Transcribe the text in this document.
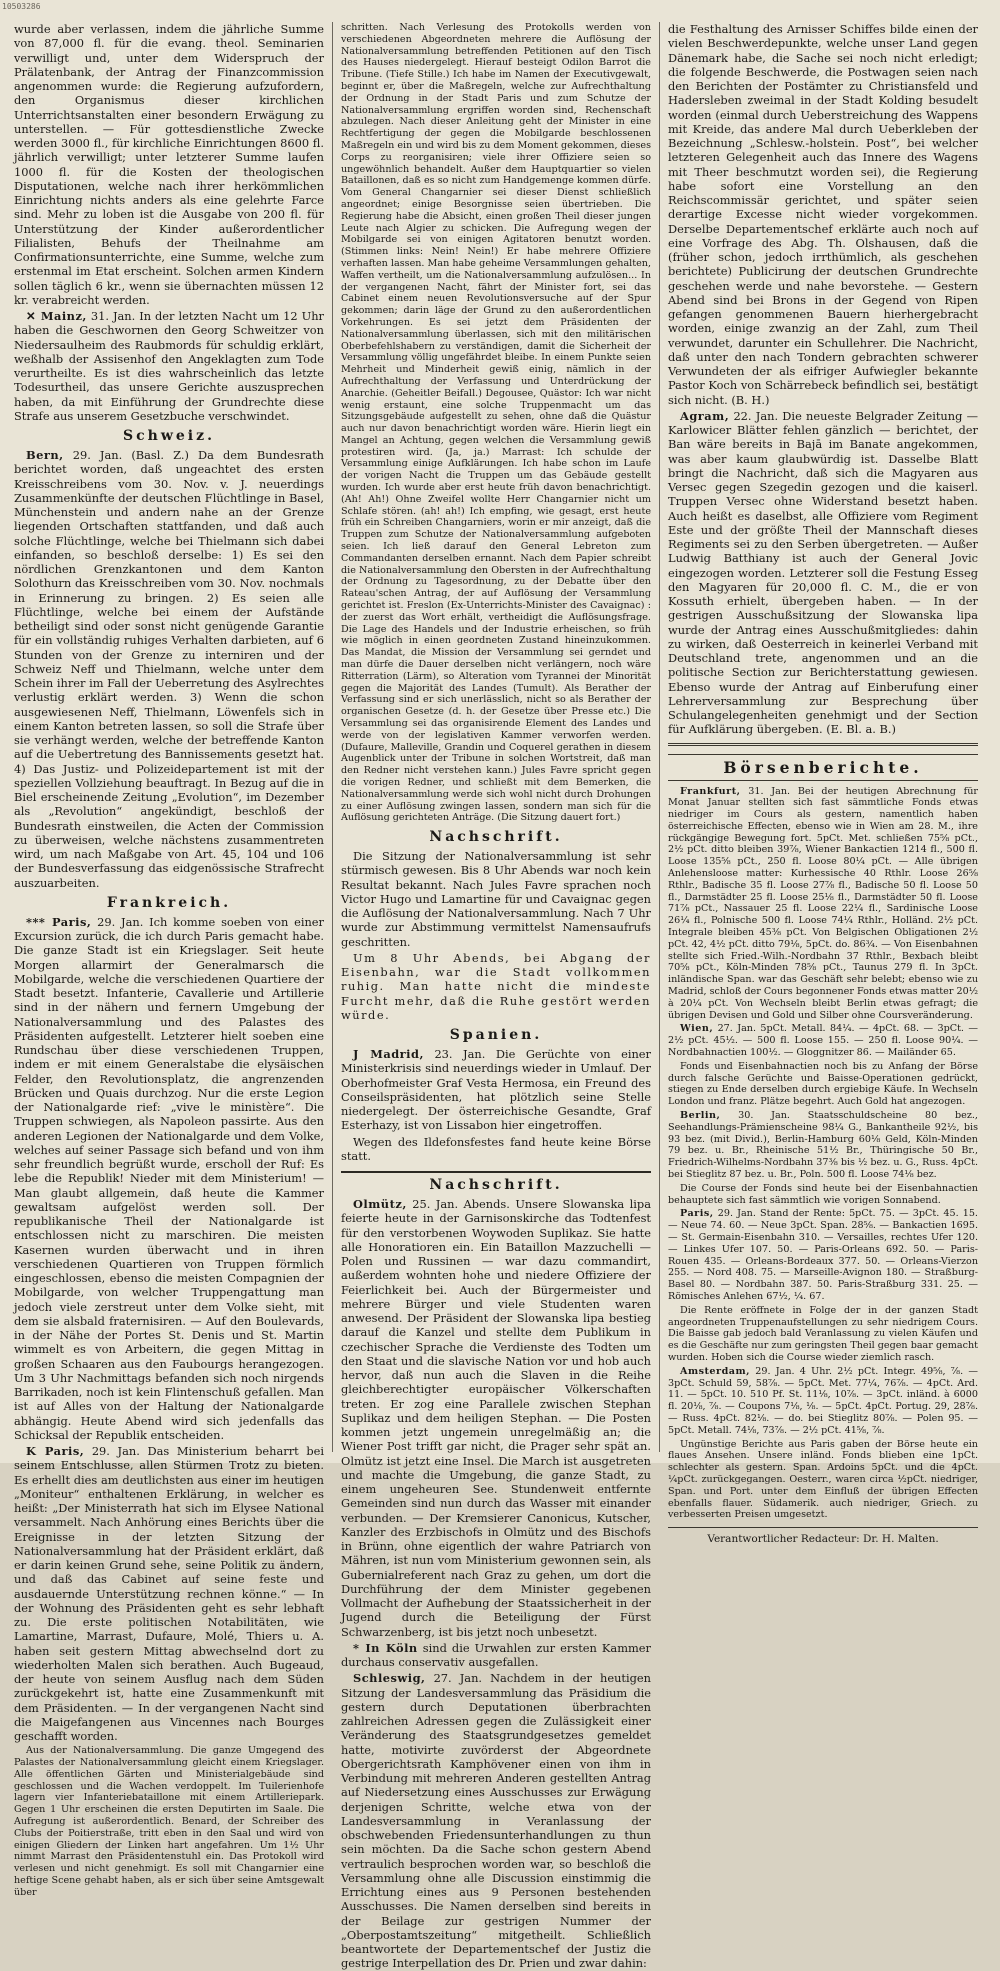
10503286

wurde aber verlassen, indem die jährliche Summe von 87,000 fl. für die evang. theol. Seminarien verwilligt und, unter dem Widerspruch der Prälatenbank, der Antrag der Finanzcommission angenommen wurde: die Regierung aufzufordern, den Organismus dieser kirchlichen Unterrichtsanstalten einer besondern Erwägung zu unterstellen. — Für gottesdienstliche Zwecke werden 3000 fl., für kirchliche Einrichtungen 8600 fl. jährlich verwilligt; unter letzterer Summe laufen 1000 fl. für die Kosten der theologischen Disputationen, welche nach ihrer herkömmlichen Einrichtung nichts anders als eine gelehrte Farce sind. Mehr zu loben ist die Ausgabe von 200 fl. für Unterstützung der Kinder außerordentlicher Filialisten, Behufs der Theilnahme am Confirmationsunterrichte, eine Summe, welche zum erstenmal im Etat erscheint. Solchen armen Kindern sollen täglich 6 kr., wenn sie übernachten müssen 12 kr. verabreicht werden.

✕ Mainz, 31. Jan. In der letzten Nacht um 12 Uhr haben die Geschwornen den Georg Schweitzer von Niedersaulheim des Raubmords für schuldig erklärt, weßhalb der Assisenhof den Angeklagten zum Tode verurtheilte. Es ist dies wahrscheinlich das letzte Todesurtheil, das unsere Gerichte auszusprechen haben, da mit Einführung der Grundrechte diese Strafe aus unserem Gesetzbuche verschwindet.

Schweiz.

Bern, 29. Jan. (Basl. Z.) Da dem Bundesrath berichtet worden, daß ungeachtet des ersten Kreisschreibens vom 30. Nov. v. J. neuerdings Zusammenkünfte der deutschen Flüchtlinge in Basel, Münchenstein und andern nahe an der Grenze liegenden Ortschaften stattfanden, und daß auch solche Flüchtlinge, welche bei Thielmann sich dabei einfanden, so beschloß derselbe: 1) Es sei den nördlichen Grenzkantonen und dem Kanton Solothurn das Kreisschreiben vom 30. Nov. nochmals in Erinnerung zu bringen. 2) Es seien alle Flüchtlinge, welche bei einem der Aufstände betheiligt sind oder sonst nicht genügende Garantie für ein vollständig ruhiges Verhalten darbieten, auf 6 Stunden von der Grenze zu interniren und der Schweiz Neff und Thielmann, welche unter dem Schein ihrer im Fall der Ueberretung des Asylrechtes verlustig erklärt werden. 3) Wenn die schon ausgewiesenen Neff, Thielmann, Löwenfels sich in einem Kanton betreten lassen, so soll die Strafe über sie verhängt werden, welche der betreffende Kanton auf die Uebertretung des Bannissements gesetzt hat. 4) Das Justiz- und Polizeidepartement ist mit der speziellen Vollziehung beauftragt. In Bezug auf die in Biel erscheinende Zeitung „Evolution“, im Dezember als „Revolution“ angekündigt, beschloß der Bundesrath einstweilen, die Acten der Commission zu überweisen, welche nächstens zusammentreten wird, um nach Maßgabe von Art. 45, 104 und 106 der Bundesverfassung das eidgenössische Strafrecht auszuarbeiten.

Frankreich.

*** Paris, 29. Jan. Ich komme soeben von einer Excursion zurück, die ich durch Paris gemacht habe. Die ganze Stadt ist ein Kriegslager. Seit heute Morgen allarmirt der Generalmarsch die Mobilgarde, welche die verschiedenen Quartiere der Stadt besetzt. Infanterie, Cavallerie und Artillerie sind in der nähern und fernern Umgebung der Nationalversammlung und des Palastes des Präsidenten aufgestellt. Letzterer hielt soeben eine Rundschau über diese verschiedenen Truppen, indem er mit einem Generalstabe die elysäischen Felder, den Revolutionsplatz, die angrenzenden Brücken und Quais durchzog. Nur die erste Legion der Nationalgarde rief: „vive le ministère“. Die Truppen schwiegen, als Napoleon passirte. Aus den anderen Legionen der Nationalgarde und dem Volke, welches auf seiner Passage sich befand und von ihm sehr freundlich begrüßt wurde, erscholl der Ruf: Es lebe die Republik! Nieder mit dem Ministerium! — Man glaubt allgemein, daß heute die Kammer gewaltsam aufgelöst werden soll. Der republikanische Theil der Nationalgarde ist entschlossen nicht zu marschiren. Die meisten Kasernen wurden überwacht und in ihren verschiedenen Quartieren von Truppen förmlich eingeschlossen, ebenso die meisten Compagnien der Mobilgarde, von welcher Truppengattung man jedoch viele zerstreut unter dem Volke sieht, mit dem sie alsbald fraternisiren. — Auf den Boulevards, in der Nähe der Portes St. Denis und St. Martin wimmelt es von Arbeitern, die gegen Mittag in großen Schaaren aus den Faubourgs herangezogen. Um 3 Uhr Nachmittags befanden sich noch nirgends Barrikaden, noch ist kein Flintenschuß gefallen. Man ist auf Alles von der Haltung der Nationalgarde abhängig. Heute Abend wird sich jedenfalls das Schicksal der Republik entscheiden.

K Paris, 29. Jan. Das Ministerium beharrt bei seinem Entschlusse, allen Stürmen Trotz zu bieten. Es erhellt dies am deutlichsten aus einer im heutigen „Moniteur“ enthaltenen Erklärung, in welcher es heißt: „Der Ministerrath hat sich im Elysee National versammelt. Nach Anhörung eines Berichts über die Ereignisse in der letzten Sitzung der Nationalversammlung hat der Präsident erklärt, daß er darin keinen Grund sehe, seine Politik zu ändern, und daß das Cabinet auf seine feste und ausdauernde Unterstützung rechnen könne.“ — In der Wohnung des Präsidenten geht es sehr lebhaft zu. Die erste politischen Notabilitäten, wie Lamartine, Marrast, Dufaure, Molé, Thiers u. A. haben seit gestern Mittag abwechselnd dort zu wiederholten Malen sich berathen. Auch Bugeaud, der heute von seinem Ausflug nach dem Süden zurückgekehrt ist, hatte eine Zusammenkunft mit dem Präsidenten. — In der vergangenen Nacht sind die Maigefangenen aus Vincennes nach Bourges geschafft worden.

Aus der Nationalversammlung. Die ganze Umgegend des Palastes der Nationalversammlung gleicht einem Kriegslager. Alle öffentlichen Gärten und Ministerialgebäude sind geschlossen und die Wachen verdoppelt. Im Tuilerienhofe lagern vier Infanteriebataillone mit einem Artilleriepark. Gegen 1 Uhr erscheinen die ersten Deputirten im Saale. Die Aufregung ist außerordentlich. Benard, der Schreiber des Clubs der Poitierstraße, tritt eben in den Saal und wird von einigen Gliedern der Linken hart angefahren. Um 1½ Uhr nimmt Marrast den Präsidentenstuhl ein. Das Protokoll wird verlesen und nicht genehmigt. Es soll mit Changarnier eine heftige Scene gehabt haben, als er sich über seine Amtsgewalt über

schritten. Nach Verlesung des Protokolls werden von verschiedenen Abgeordneten mehrere die Auflösung der Nationalversammlung betreffenden Petitionen auf den Tisch des Hauses niedergelegt. Hierauf besteigt Odilon Barrot die Tribune. (Tiefe Stille.) Ich habe im Namen der Executivgewalt, beginnt er, über die Maßregeln, welche zur Aufrechthaltung der Ordnung in der Stadt Paris und zum Schutze der Nationalversammlung ergriffen worden sind, Rechenschaft abzulegen. Nach dieser Anleitung geht der Minister in eine Rechtfertigung der gegen die Mobilgarde beschlossenen Maßregeln ein und wird bis zu dem Moment gekommen, dieses Corps zu reorganisiren; viele ihrer Offiziere seien so ungewöhnlich behandelt. Außer dem Hauptquartier so vielen Bataillonen, daß es so nicht zum Handgemenge kommen dürfe. Vom General Changarnier sei dieser Dienst schließlich angeordnet; einige Besorgnisse seien übertrieben. Die Regierung habe die Absicht, einen großen Theil dieser jungen Leute nach Algier zu schicken. Die Aufregung wegen der Mobilgarde sei von einigen Agitatoren benutzt worden. (Stimmen links: Nein! Nein!) Er habe mehrere Offiziere verhaften lassen. Man habe geheime Versammlungen gehalten, Waffen vertheilt, um die Nationalversammlung aufzulösen... In der vergangenen Nacht, fährt der Minister fort, sei das Cabinet einem neuen Revolutionsversuche auf der Spur gekommen; darin läge der Grund zu den außerordentlichen Vorkehrungen. Es sei jetzt dem Präsidenten der Nationalversammlung überlassen, sich mit den militärischen Oberbefehlshabern zu verständigen, damit die Sicherheit der Versammlung völlig ungefährdet bleibe. In einem Punkte seien Mehrheit und Minderheit gewiß einig, nämlich in der Aufrechthaltung der Verfassung und Unterdrückung der Anarchie. (Geheitler Beifall.) Degousee, Quästor: Ich war nicht wenig erstaunt, eine solche Truppenmacht um das Sitzungsgebäude aufgestellt zu sehen, ohne daß die Quästur auch nur davon benachrichtigt worden wäre. Hierin liegt ein Mangel an Achtung, gegen welchen die Versammlung gewiß protestiren wird. (Ja, ja.) Marrast: Ich schulde der Versammlung einige Aufklärungen. Ich habe schon im Laufe der vorigen Nacht die Truppen um das Gebäude gestellt wurden. Ich wurde aber erst heute früh davon benachrichtigt. (Ah! Ah!) Ohne Zweifel wollte Herr Changarnier nicht um Schlafe stören. (ah! ah!) Ich empfing, wie gesagt, erst heute früh ein Schreiben Changarniers, worin er mir anzeigt, daß die Truppen zum Schutze der Nationalversammlung aufgeboten seien. Ich ließ darauf den General Lebreton zum Commandanten derselben ernannt. Nach dem Papier schreibt die Nationalversammlung den Obersten in der Aufrechthaltung der Ordnung zu Tagesordnung, zu der Debatte über den Rateau'schen Antrag, der auf Auflösung der Versammlung gerichtet ist. Freslon (Ex-Unterrichts-Minister des Cavaignac) : der zuerst das Wort erhält, vertheidigt die Auflösungsfrage. Die Lage des Handels und der Industrie erheischen, so früh wie möglich in einen geordneten Zustand hineinzukommen. Das Mandat, die Mission der Versammlung sei gerndet und man dürfe die Dauer derselben nicht verlängern, noch wäre Ritterration (Lärm), so Alteration vom Tyrannei der Minorität gegen die Majorität des Landes (Tumult). Als Berather der Verfassung sind er sich unerlässlich, nicht so als Berather der organischen Gesetze (d. h. der Gesetze über Presse etc.) Die Versammlung sei das organisirende Element des Landes und werde von der legislativen Kammer verworfen werden. (Dufaure, Malleville, Grandin und Coquerel gerathen in diesem Augenblick unter der Tribune in solchen Wortstreit, daß man den Redner nicht verstehen kann.) Jules Favre spricht gegen die vorigen Redner, und schließt mit dem Bemerken, die Nationalversammlung werde sich wohl nicht durch Drohungen zu einer Auflösung zwingen lassen, sondern man sich für die Auflösung gerichteten Anträge. (Die Sitzung dauert fort.)

Nachschrift.

Die Sitzung der Nationalversammlung ist sehr stürmisch gewesen. Bis 8 Uhr Abends war noch kein Resultat bekannt. Nach Jules Favre sprachen noch Victor Hugo und Lamartine für und Cavaignac gegen die Auflösung der Nationalversammlung. Nach 7 Uhr wurde zur Abstimmung vermittelst Namensaufrufs geschritten.

Um 8 Uhr Abends, bei Abgang der Eisenbahn, war die Stadt vollkommen ruhig. Man hatte nicht die mindeste Furcht mehr, daß die Ruhe gestört werden würde.

Spanien.

J Madrid, 23. Jan. Die Gerüchte von einer Ministerkrisis sind neuerdings wieder in Umlauf. Der Oberhofmeister Graf Vesta Hermosa, ein Freund des Conseilspräsidenten, hat plötzlich seine Stelle niedergelegt. Der österreichische Gesandte, Graf Esterhazy, ist von Lissabon hier eingetroffen.

Wegen des Ildefonsfestes fand heute keine Börse statt.

Nachschrift.

Olmütz, 25. Jan. Abends. Unsere Slowanska lipa feierte heute in der Garnisonskirche das Todtenfest für den verstorbenen Woywoden Suplikaz. Sie hatte alle Honoratioren ein. Ein Bataillon Mazzuchelli — Polen und Russinen — war dazu commandirt, außerdem wohnten hohe und niedere Offiziere der Feierlichkeit bei. Auch der Bürgermeister und mehrere Bürger und viele Studenten waren anwesend. Der Präsident der Slowanska lipa bestieg darauf die Kanzel und stellte dem Publikum in czechischer Sprache die Verdienste des Todten um den Staat und die slavische Nation vor und hob auch hervor, daß nun auch die Slaven in die Reihe gleichberechtigter europäischer Völkerschaften treten. Er zog eine Parallele zwischen Stephan Suplikaz und dem heiligen Stephan. — Die Posten kommen jetzt ungemein unregelmäßig an; die Wiener Post trifft gar nicht, die Prager sehr spät an. Olmütz ist jetzt eine Insel. Die March ist ausgetreten und machte die Umgebung, die ganze Stadt, zu einem ungeheuren See. Stundenweit entfernte Gemeinden sind nun durch das Wasser mit einander verbunden. — Der Kremsierer Canonicus, Kutscher, Kanzler des Erzbischofs in Olmütz und des Bischofs in Brünn, ohne eigentlich der wahre Patriarch von Mähren, ist nun vom Ministerium gewonnen sein, als Gubernialreferent nach Graz zu gehen, um dort die Durchführung der dem Minister gegebenen Vollmacht der Aufhebung der Staatssicherheit in der Jugend durch die Beteiligung der Fürst Schwarzenberg, ist bis jetzt noch unbesetzt.

* In Köln sind die Urwahlen zur ersten Kammer durchaus conservativ ausgefallen.

Schleswig, 27. Jan. Nachdem in der heutigen Sitzung der Landesversammlung das Präsidium die gestern durch Deputationen überbrachten zahlreichen Adressen gegen die Zulässigkeit einer Veränderung des Staatsgrundgesetzes gemeldet hatte, motivirte zuvörderst der Abgeordnete Obergerichtsrath Kamphövener einen von ihm in Verbindung mit mehreren Anderen gestellten Antrag auf Niedersetzung eines Ausschusses zur Erwägung derjenigen Schritte, welche etwa von der Landesversammlung in Veranlassung der obschwebenden Friedensunterhandlungen zu thun sein möchten. Da die Sache schon gestern Abend vertraulich besprochen worden war, so beschloß die Versammlung ohne alle Discussion einstimmig die Errichtung eines aus 9 Personen bestehenden Ausschusses. Die Namen derselben sind bereits in der Beilage zur gestrigen Nummer der „Oberpostamtszeitung“ mitgetheilt. Schließlich beantwortete der Departementschef der Justiz die gestrige Interpellation des Dr. Prien und zwar dahin:

die Festhaltung des Arnisser Schiffes bilde einen der vielen Beschwerdepunkte, welche unser Land gegen Dänemark habe, die Sache sei noch nicht erledigt; die folgende Beschwerde, die Postwagen seien nach den Berichten der Postämter zu Christiansfeld und Hadersleben zweimal in der Stadt Kolding besudelt worden (einmal durch Ueberstreichung des Wappens mit Kreide, das andere Mal durch Ueberkleben der Bezeichnung „Schlesw.-holstein. Post“, bei welcher letzteren Gelegenheit auch das Innere des Wagens mit Theer beschmutzt worden sei), die Regierung habe sofort eine Vorstellung an den Reichscommissär gerichtet, und später seien derartige Excesse nicht wieder vorgekommen. Derselbe Departementschef erklärte auch noch auf eine Vorfrage des Abg. Th. Olshausen, daß die (früher schon, jedoch irrthümlich, als geschehen berichtete) Publicirung der deutschen Grundrechte geschehen werde und nahe bevorstehe. — Gestern Abend sind bei Brons in der Gegend von Ripen gefangen genommenen Bauern hierhergebracht worden, einige zwanzig an der Zahl, zum Theil verwundet, darunter ein Schullehrer. Die Nachricht, daß unter den nach Tondern gebrachten schwerer Verwundeten der als eifriger Aufwiegler bekannte Pastor Koch von Schärrebeck befindlich sei, bestätigt sich nicht. (B. H.)

Agram, 22. Jan. Die neueste Belgrader Zeitung — Karlowicer Blätter fehlen gänzlich — berichtet, der Ban wäre bereits in Bajā im Banate angekommen, was aber kaum glaubwürdig ist. Dasselbe Blatt bringt die Nachricht, daß sich die Magyaren aus Versec gegen Szegedin gezogen und die kaiserl. Truppen Versec ohne Widerstand besetzt haben. Auch heißt es daselbst, alle Offiziere vom Regiment Este und der größte Theil der Mannschaft dieses Regiments sei zu den Serben übergetreten. — Außer Ludwig Batthiany ist auch der General Jovic eingezogen worden. Letzterer soll die Festung Esseg den Magyaren für 20,000 fl. C. M., die er von Kossuth erhielt, übergeben haben. — In der gestrigen Ausschußsitzung der Slowanska lipa wurde der Antrag eines Ausschußmitgliedes: dahin zu wirken, daß Oesterreich in keinerlei Verband mit Deutschland trete, angenommen und an die politische Section zur Berichterstattung gewiesen. Ebenso wurde der Antrag auf Einberufung einer Lehrerversammlung zur Besprechung über Schulangelegenheiten genehmigt und der Section für Aufklärung übergeben. (E. Bl. a. B.)

Börsenberichte.

Frankfurt, 31. Jan. Bei der heutigen Abrechnung für Monat Januar stellten sich fast sämmtliche Fonds etwas niedriger im Cours als gestern, namentlich haben österreichische Effecten, ebenso wie in Wien am 28. M., ihre rückgängige Bewegung fort. 5pCt. Met. schließen 75⅝ pCt., 2½ pCt. ditto bleiben 39⅞, Wiener Bankactien 1214 fl., 500 fl. Loose 135⅝ pCt., 250 fl. Loose 80¼ pCt. — Alle übrigen Anlehensloose matter: Kurhessische 40 Rthlr. Loose 26⅝ Rthlr., Badische 35 fl. Loose 27⅞ fl., Badische 50 fl. Loose 50 fl., Darmstädter 25 fl. Loose 25⅛ fl., Darmstädter 50 fl. Loose 71⅞ pCt., Nassauer 25 fl. Loose 22¼ fl., Sardinische Loose 26¼ fl., Polnische 500 fl. Loose 74¼ Rthlr., Holländ. 2½ pCt. Integrale bleiben 45⅜ pCt. Von Belgischen Obligationen 2½ pCt. 42, 4½ pCt. ditto 79⅛, 5pCt. do. 86¾. — Von Eisenbahnen stellte sich Fried.-Wilh.-Nordbahn 37 Rthlr., Bexbach bleibt 70⅝ pCt., Köln-Minden 78⅝ pCt., Taunus 279 fl. In 3pCt. inländische Span. war das Geschäft sehr belebt; ebenso wie zu Madrid, schloß der Cours begonnener Fonds etwas matter 20½ à 20¼ pCt. Von Wechseln bleibt Berlin etwas gefragt; die übrigen Devisen und Gold und Silber ohne Coursveränderung.

Wien, 27. Jan. 5pCt. Metall. 84¼. — 4pCt. 68. — 3pCt. — 2½ pCt. 45½. — 500 fl. Loose 155. — 250 fl. Loose 90¼. — Nordbahnactien 100½. — Gloggnitzer 86. — Mailänder 65.

Fonds und Eisenbahnactien noch bis zu Anfang der Börse durch falsche Gerüchte und Baisse-Operationen gedrückt, stiegen zu Ende derselben durch ergiebige Käufe. In Wechseln London und franz. Plätze begehrt. Auch Gold hat angezogen.

Berlin, 30. Jan. Staatsschuldscheine 80 bez., Seehandlungs-Prämienscheine 98¼ G., Bankantheile 92½, bis 93 bez. (mit Divid.), Berlin-Hamburg 60⅛ Geld, Köln-Minden 79 bez. u. Br., Rheinische 51½ Br., Thüringische 50 Br., Friedrich-Wilhelms-Nordbahn 37⅜ bis ½ bez. u. G., Russ. 4pCt. bei Stieglitz 87 bez. u. Br., Poln. 500 fl. Loose 74⅛ bez.

Die Course der Fonds sind heute bei der Eisenbahnactien behauptete sich fast sämmtlich wie vorigen Sonnabend.

Paris, 29. Jan. Stand der Rente: 5pCt. 75. — 3pCt. 45. 15. — Neue 74. 60. — Neue 3pCt. Span. 28⅝. — Bankactien 1695. — St. Germain-Eisenbahn 310. — Versailles, rechtes Ufer 120. — Linkes Ufer 107. 50. — Paris-Orleans 692. 50. — Paris-Rouen 435. — Orleans-Bordeaux 377. 50. — Orleans-Vierzon 255. — Nord 408. 75. — Marseille-Avignon 180. — Straßburg-Basel 80. — Nordbahn 387. 50. Paris-Straßburg 331. 25. — Römisches Anlehen 67½, ¼. 67.

Die Rente eröffnete in Folge der in der ganzen Stadt angeordneten Truppenaufstellungen zu sehr niedrigem Cours. Die Baisse gab jedoch bald Veranlassung zu vielen Käufen und es die Geschäfte nur zum geringsten Theil gegen baar gemacht wurden. Hoben sich die Course wieder ziemlich rasch.

Amsterdam, 29. Jan. 4 Uhr. 2½ pCt. Integr. 49⅝, ⅞. — 3pCt. Schuld 59, 58⅞. — 5pCt. Met. 77¼, 76⅞. — 4pCt. Ard. 11. — 5pCt. 10. 510 Pf. St. 11⅛, 10⅞. — 3pCt. inländ. à 6000 fl. 20⅛, ⅞. — Coupons 7⅛, ⅛. — 5pCt. 4pCt. Portug. 29, 28⅞. — Russ. 4pCt. 82⅛. — do. bei Stieglitz 80⅞. — Polen 95. — 5pCt. Metall. 74⅛, 73⅞. — 2½ pCt. 41⅝, ⅞.

Ungünstige Berichte aus Paris gaben der Börse heute ein flaues Ansehen. Unsere inländ. Fonds blieben eine 1pCt. schlechter als gestern. Span. Ardoins 5pCt. und die 4pCt. ¼pCt. zurückgegangen. Oesterr., waren circa ½pCt. niedriger, Span. und Port. unter dem Einfluß der übrigen Effecten ebenfalls flauer. Südamerik. auch niedriger, Griech. zu verbesserten Preisen umgesetzt.

Verantwortlicher Redacteur: Dr. H. Malten.
